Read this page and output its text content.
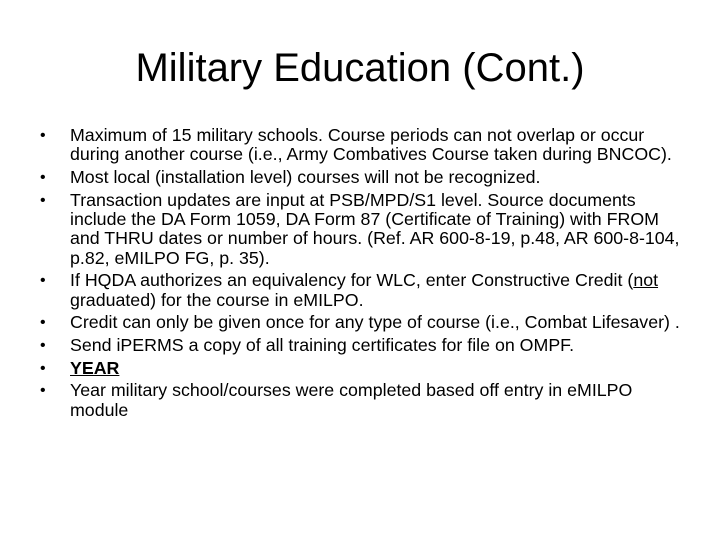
Military Education (Cont.)
•	Maximum of 15 military schools. Course periods can not overlap or occur during another course (i.e., Army Combatives Course taken during BNCOC).
•	Most local (installation level) courses will not be recognized.
•	Transaction updates are input at PSB/MPD/S1 level. Source documents include the DA Form 1059, DA Form 87 (Certificate of Training) with FROM and THRU dates or number of hours. (Ref. AR 600-8-19, p.48, AR 600-8-104, p.82, eMILPO FG, p. 35).
•	If HQDA authorizes an equivalency for WLC, enter Constructive Credit (not graduated) for the course in eMILPO.
•	Credit can only be given once for any type of course (i.e., Combat Lifesaver) .
•	Send iPERMS a copy of all training certificates for file on OMPF.
•	YEAR
•	Year military school/courses were completed based off entry in eMILPO module
